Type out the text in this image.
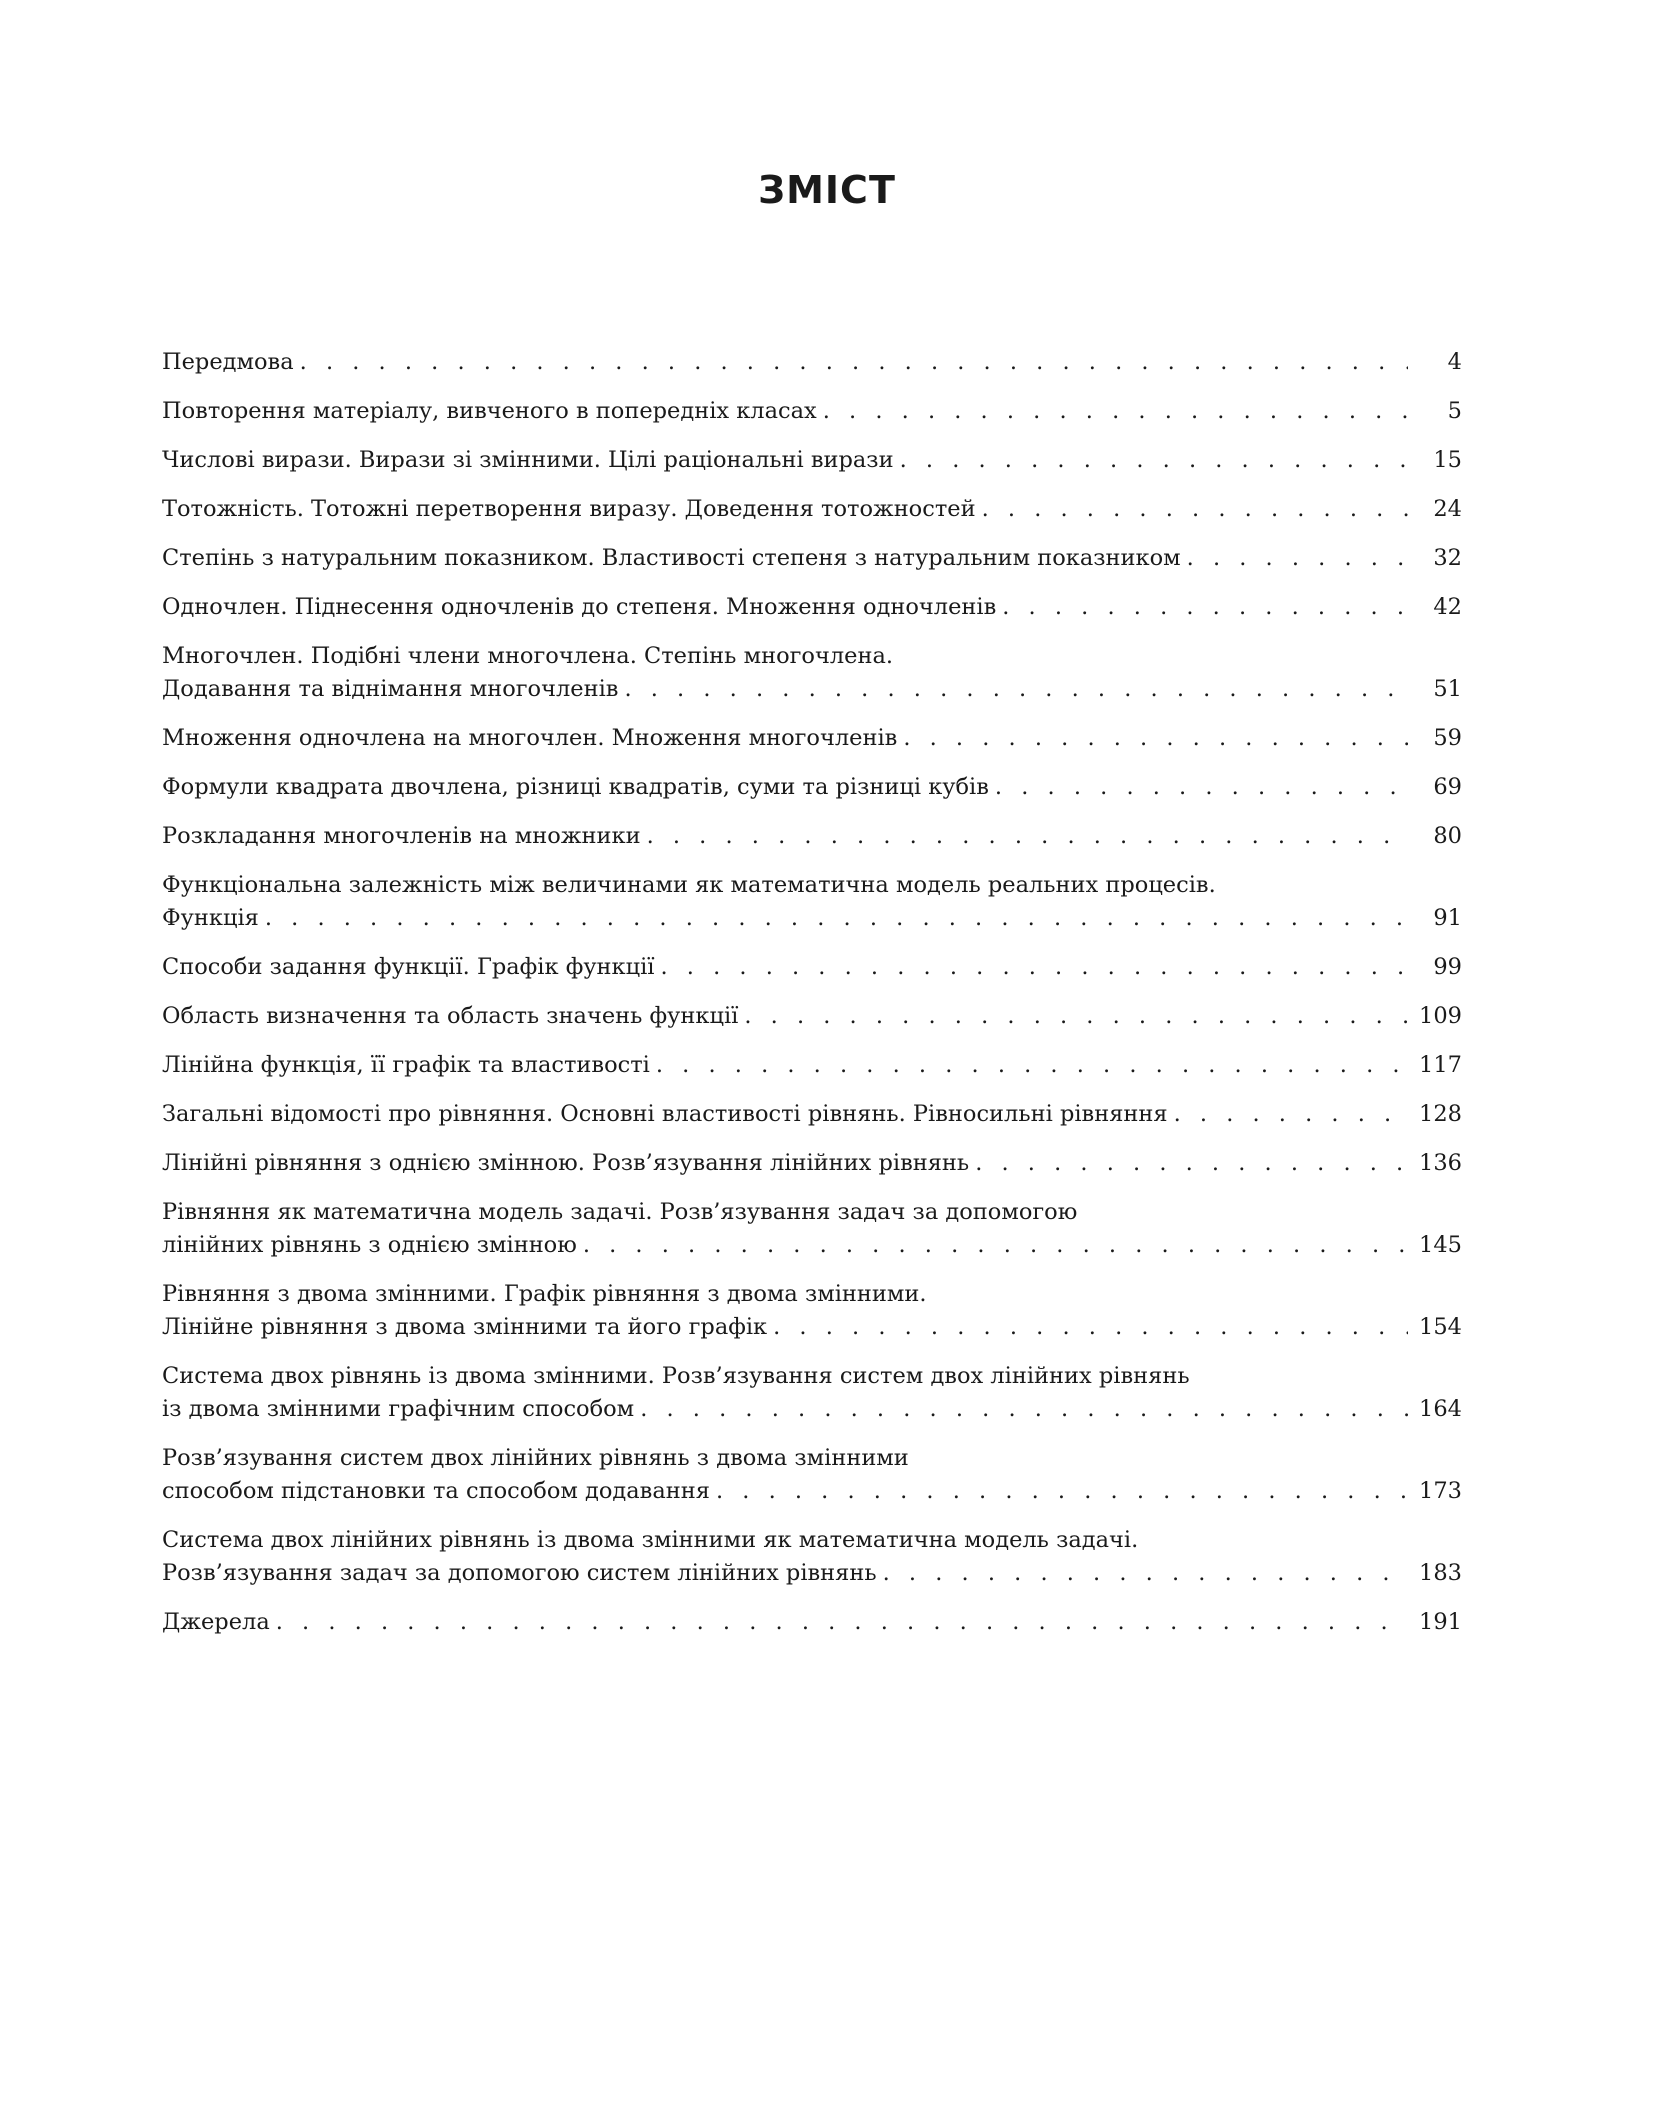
ЗМІСТ
Передмова . . .	4
Повторення матеріалу, вивченого в попередніх класах . . .	5
Числові вирази. Вирази зі змінними. Цілі раціональні вирази . . .	15
Тотожність. Тотожні перетворення виразу. Доведення тотожностей . . .	24
Степінь з натуральним показником. Властивості степеня з натуральним показником . . .	32
Одночлен. Піднесення одночленів до степеня. Множення одночленів . . .	42
Многочлен. Подібні члени многочлена. Степінь многочлена.
Додавання та віднімання многочленів . . .	51
Множення одночлена на многочлен. Множення многочленів . . .	59
Формули квадрата двочлена, різниці квадратів, суми та різниці кубів . . .	69
Розкладання многочленів на множники . . .	80
Функціональна залежність між величинами як математична модель реальних процесів.
Функція . . .	91
Способи задання функції. Графік функції . . .	99
Область визначення та область значень функції . . .	109
Лінійна функція, її графік та властивості . . .	117
Загальні відомості про рівняння. Основні властивості рівнянь. Рівносильні рівняння . . .	128
Лінійні рівняння з однією змінною. Розв’язування лінійних рівнянь . . .	136
Рівняння як математична модель задачі. Розв’язування задач за допомогою
лінійних рівнянь з однією змінною . . .	145
Рівняння з двома змінними. Графік рівняння з двома змінними.
Лінійне рівняння з двома змінними та його графік . . .	154
Система двох рівнянь із двома змінними. Розв’язування систем двох лінійних рівнянь
із двома змінними графічним способом . . .	164
Розв’язування систем двох лінійних рівнянь з двома змінними
способом підстановки та способом додавання . . .	173
Система двох лінійних рівнянь із двома змінними як математична модель задачі.
Розв’язування задач за допомогою систем лінійних рівнянь . . .	183
Джерела . . .	191
